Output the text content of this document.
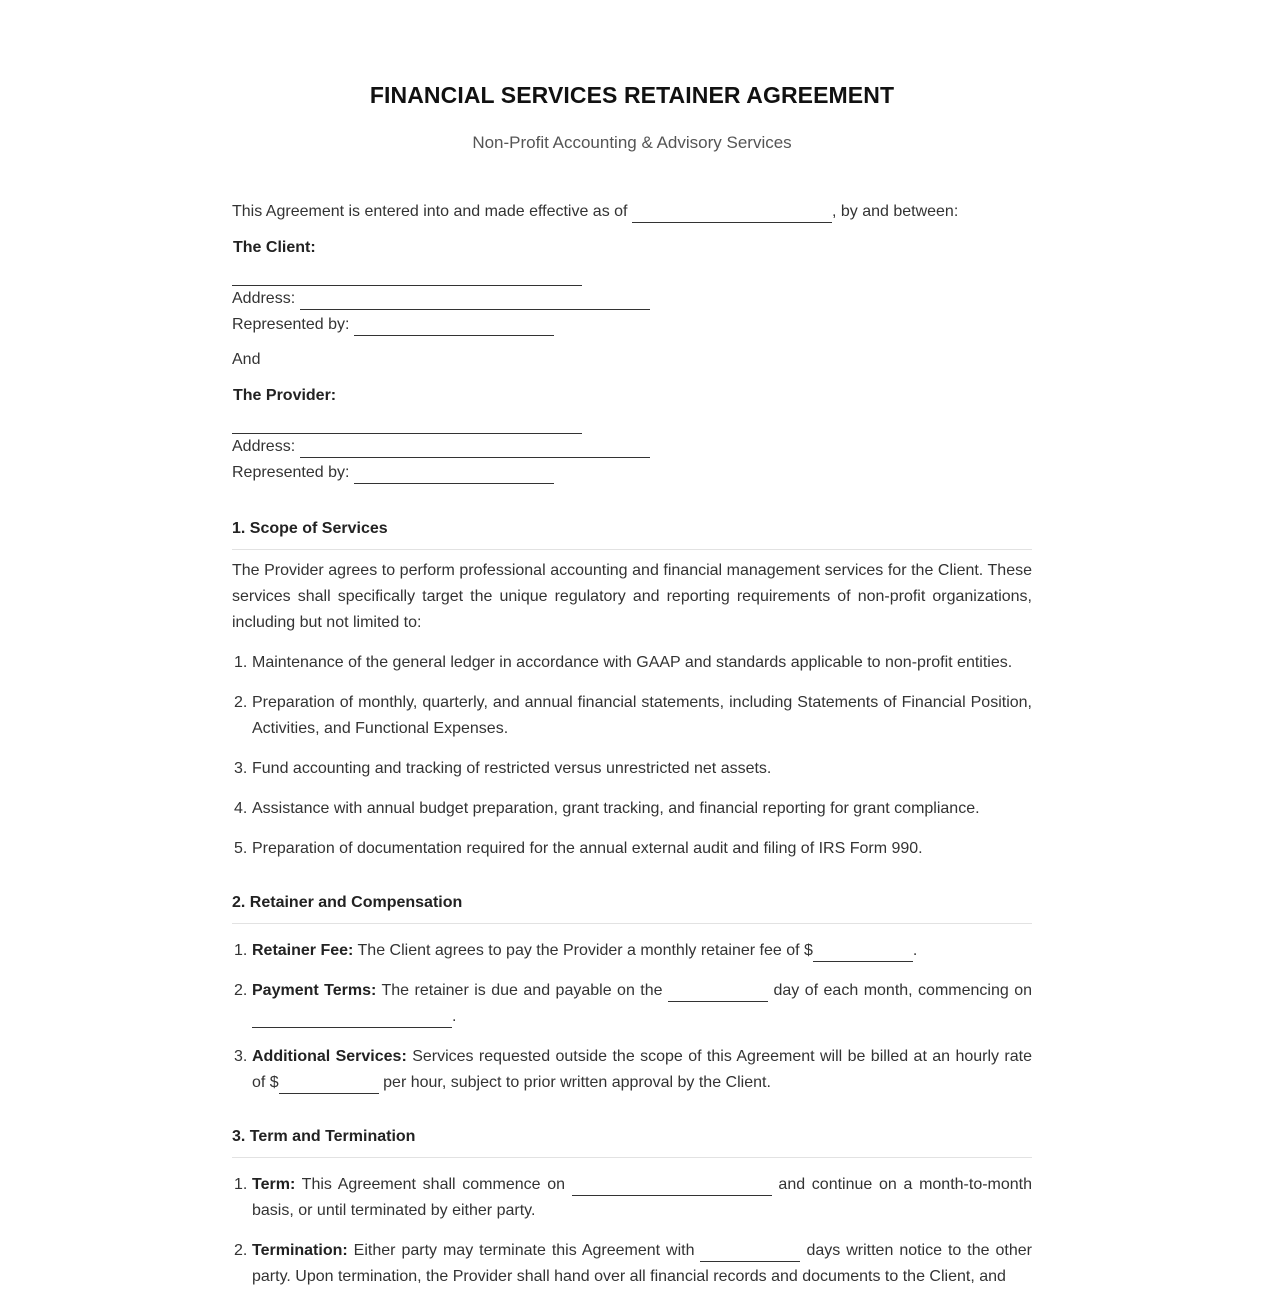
FINANCIAL SERVICES RETAINER AGREEMENT
Non-Profit Accounting & Advisory Services
This Agreement is entered into and made effective as of	, by and between:
The Client:
Address:
Represented by:
And
The Provider:
Address:
Represented by:
1. Scope of Services
The Provider agrees to perform professional accounting and financial management services for the Client. These services shall specifically target the unique regulatory and reporting requirements of non-profit organizations, including but not limited to:
1. Maintenance of the general ledger in accordance with GAAP and standards applicable to non-profit entities.
2. Preparation of monthly, quarterly, and annual financial statements, including Statements of Financial Position, Activities, and Functional Expenses.
3. Fund accounting and tracking of restricted versus unrestricted net assets.
4. Assistance with annual budget preparation, grant tracking, and financial reporting for grant compliance.
5. Preparation of documentation required for the annual external audit and filing of IRS Form 990.
2. Retainer and Compensation
1. Retainer Fee: The Client agrees to pay the Provider a monthly retainer fee of $	.
2. Payment Terms: The retainer is due and payable on the	day of each month, commencing on .
3. Additional Services: Services requested outside the scope of this Agreement will be billed at an hourly rate of $	per hour, subject to prior written approval by the Client.
3. Term and Termination
1. Term: This Agreement shall commence on	and continue on a month-to-month basis, or until terminated by either party.
2. Termination: Either party may terminate this Agreement with	days written notice to the other party. Upon termination, the Provider shall hand over all financial records and documents to the Client, and
